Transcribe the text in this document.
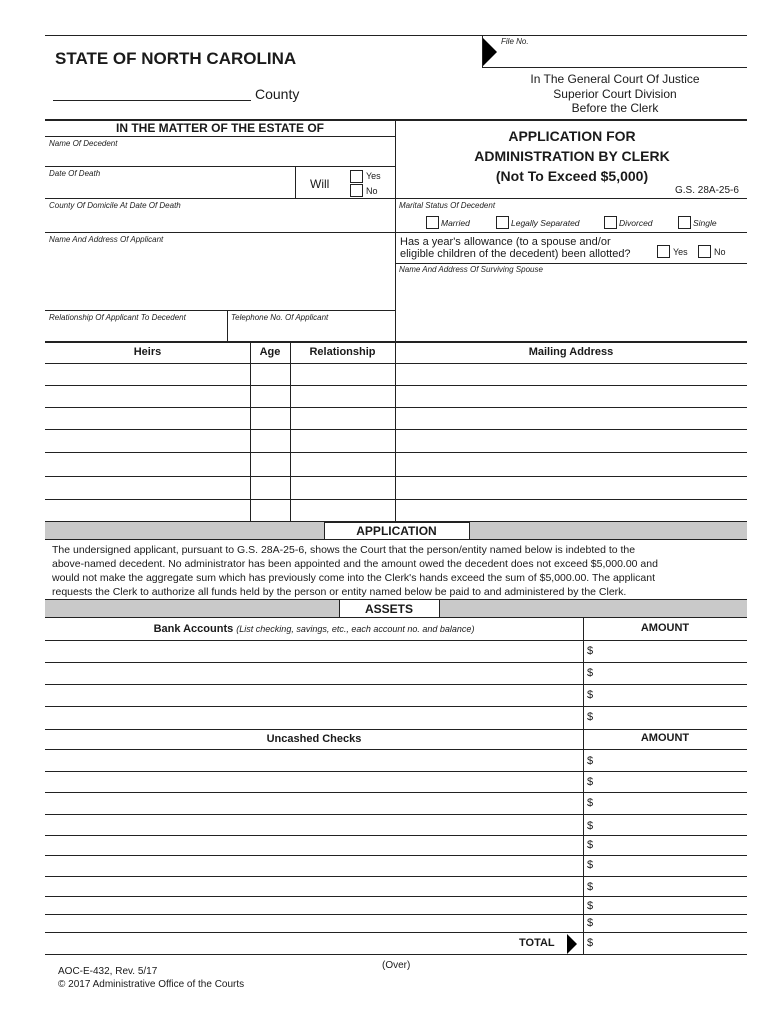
File No.
STATE OF NORTH CAROLINA
County
In The General Court Of Justice
Superior Court Division
Before the Clerk
IN THE MATTER OF THE ESTATE OF
Name Of Decedent
Date Of Death
Will
Yes
No
County Of Domicile At Date Of Death
Name And Address Of Applicant
Relationship Of Applicant To Decedent	Telephone No. Of Applicant
APPLICATION FOR
ADMINISTRATION BY CLERK
(Not To Exceed $5,000)
G.S. 28A-25-6
Marital Status Of Decedent
Married	Legally Separated	Divorced	Single
Has a year's allowance (to a spouse and/or
eligible children of the decedent) been allotted?	Yes	No
Name And Address Of Surviving Spouse
Heirs	Age	Relationship	Mailing Address
APPLICATION
The undersigned applicant, pursuant to G.S. 28A-25-6, shows the Court that the person/entity named below is indebted to the
above-named decedent. No administrator has been appointed and the amount owed the decedent does not exceed $5,000.00 and
would not make the aggregate sum which has previously come into the Clerk's hands exceed the sum of $5,000.00. The applicant
requests the Clerk to authorize all funds held by the person or entity named below be paid to and administered by the Clerk.
ASSETS
Bank Accounts (List checking, savings, etc., each account no. and balance)	AMOUNT
$
$
$
$
Uncashed Checks	AMOUNT
$
$
$
$
$
$
$
$
$
$
TOTAL
(Over)
AOC-E-432, Rev. 5/17
© 2017 Administrative Office of the Courts
